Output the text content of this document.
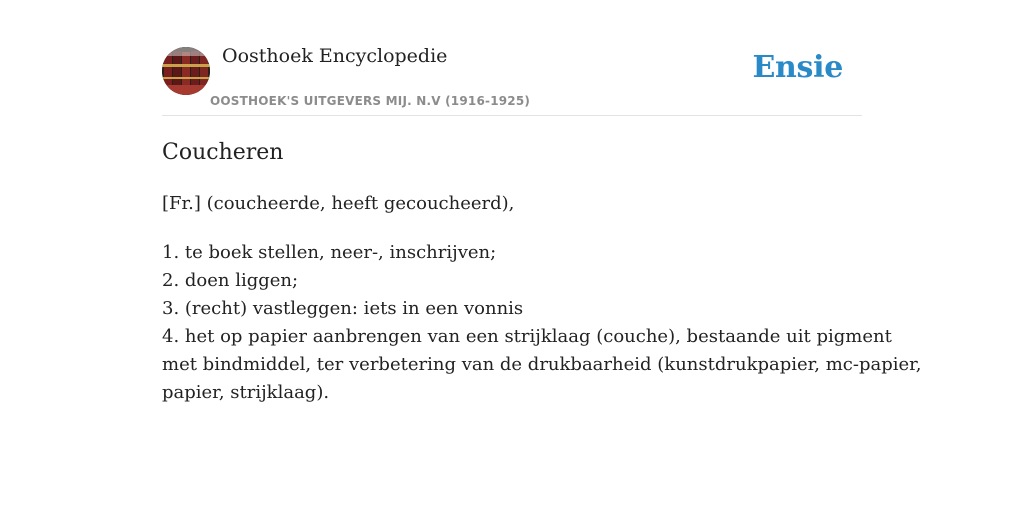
Oosthoek Encyclopedie
OOSTHOEK'S UITGEVERS MIJ. N.V (1916-1925)
Ensie
Coucheren

[Fr.] (coucheerde, heeft gecoucheerd),

1. te boek stellen, neer-, inschrijven;
2. doen liggen;
3. (recht) vastleggen: iets in een vonnis
4. het op papier aanbrengen van een strijklaag (couche), bestaande uit pigment
met bindmiddel, ter verbetering van de drukbaarheid (kunstdrukpapier, mc-papier,
papier, strijklaag).
